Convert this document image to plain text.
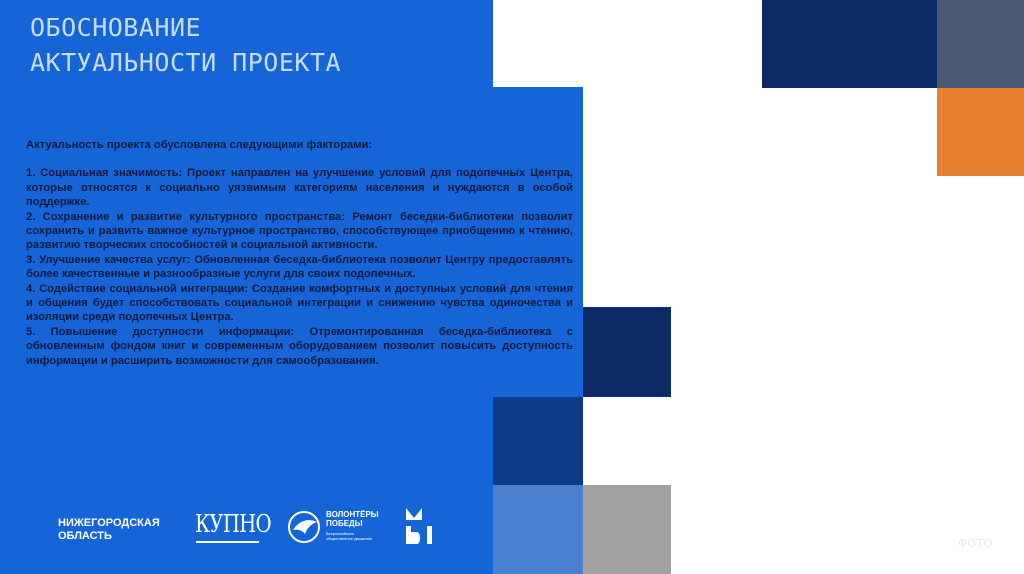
ОБОСНОВАНИЕ
АКТУАЛЬНОСТИ ПРОЕКТА

Актуальность проекта обусловлена следующими факторами:

1. Социальная значимость: Проект направлен на улучшение условий для подопечных Центра, которые относятся к социально уязвимым категориям населения и нуждаются в особой поддержке.

2. Сохранение и развитие культурного пространства: Ремонт беседки-библиотеки позволит сохранить и развить важное культурное пространство, способствующее приобщению к чтению, развитию творческих способностей и социальной активности.

3. Улучшение качества услуг: Обновленная беседка-библиотека позволит Центру предоставлять более качественные и разнообразные услуги для своих подопечных.

4. Содействие социальной интеграции: Создание комфортных и доступных условий для чтения и общения будет способствовать социальной интеграции и снижению чувства одиночества и изоляции среди подопечных Центра.

5. Повышение доступности информации: Отремонтированная беседка-библиотека с обновленным фондом книг и современным оборудованием позволит повысить доступность информации и расширить возможности для самообразования.

НИЖЕГОРОДСКАЯ
ОБЛАСТЬ	КУПНО	ВОЛОНТЁРЫ
ПОБЕДЫ
Всероссийское общественное движение	ФОТО
